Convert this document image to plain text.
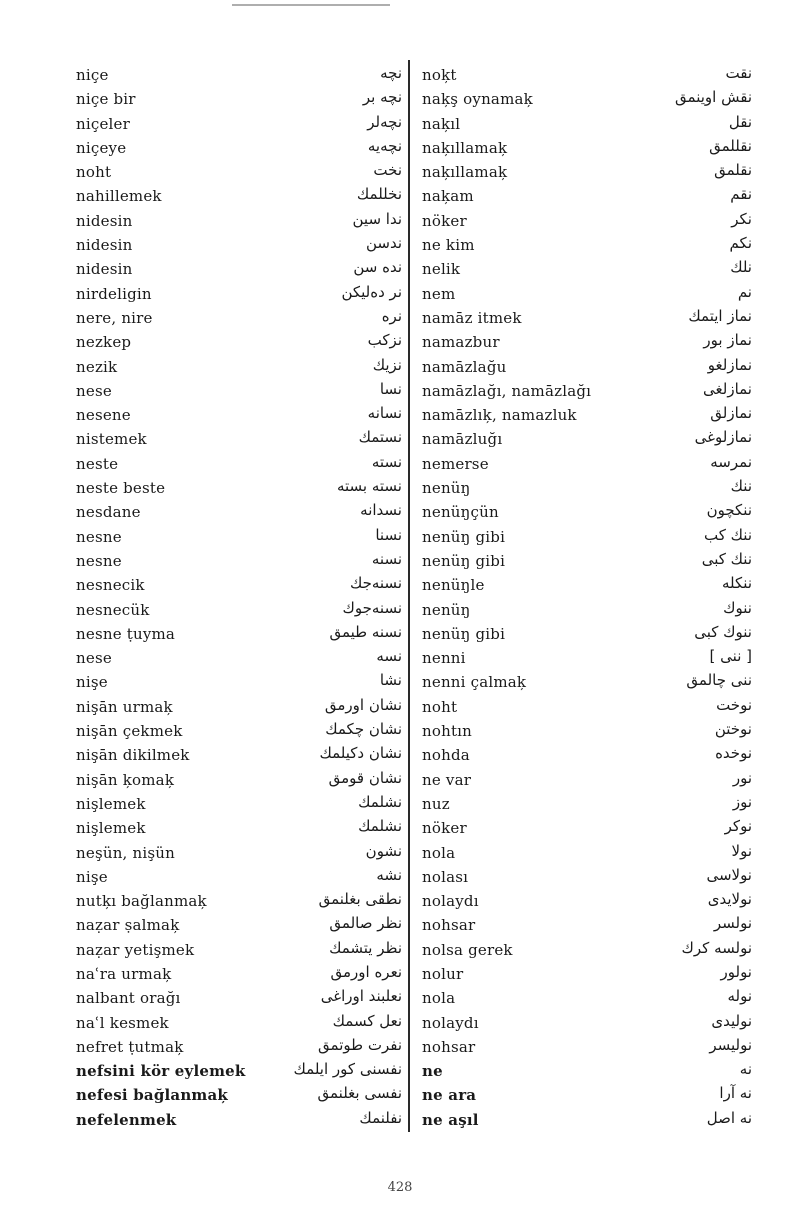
niçe	نچه
niçe bir	نچه بر
niçeler	نچەلر
niçeye	نچەیه
noht	نخت
nahillemek	نخللمك
nidesin	ندا سين
nidesin	ندسن
nidesin	نده سن
nirdeligin	نر دەليكن
nere, nire	نره
nezkep	نزكب
nezik	نزيك
nese	نسا
nesene	نسانه
nistemek	نستمك
neste	نسته
neste beste	نسته بسته
nesdane	نسدانه
nesne	نسنا
nesne	نسنه
nesnecik	نسنەجك
nesnecük	نسنەجوك
nesne ṭuyma	نسنه طيمق
nese	نسه
nişe	نشا
nişān urmaķ	نشان اورمق
nişān çekmek	نشان چكمك
nişān dikilmek	نشان دكيلمك
nişān ķomaķ	نشان قومق
nişlemek	نشلمك
nişlemek	نشلمك
neşün, nişün	نشون
nişe	نشه
nutķı bağlanmaķ	نطقى بغلنمق
naẓar ṣalmaķ	نظر صالمق
naẓar yetişmek	نظر يتشمك
naʿra urmaķ	نعره اورمق
nalbant orağı	نعلبند اوراغى
naʿl kesmek	نعل كسمك
nefret ṭutmaķ	نفرت طوتمق
nefsini kör eylemek	نفسنى كور ايلمك
nefesi bağlanmaķ	نفسى بغلنمق
nefelenmek	نفلنمك
noķt	نقت
naķş oynamaķ	نقش اوينمق
naķıl	نقل
naķıllamaķ	نقللمق
naķıllamaķ	نقلمق
naķam	نقم
nöker	نكر
ne kim	نكم
nelik	نلك
nem	نم
namāz itmek	نماز ايتمك
namazbur	نماز بور
namāzlağu	نمازلغو
namāzlağı, namāzlağı	نمازلغى
namāzlıķ, namazluk	نمازلق
namāzluğı	نمازلوغى
nemerse	نمرسه
nenüŋ	ننك
nenüŋçün	ننكچون
nenüŋ gibi	ننك كب
nenüŋ gibi	ننك كبى
nenüŋle	ننكله
nenüŋ	ننوك
nenüŋ gibi	ننوك كبى
nenni	[ ننى ]
nenni çalmaķ	ننى چالمق
noht	نوخت
nohtın	نوختن
nohda	نوخده
ne var	نور
nuz	نوز
nöker	نوكر
nola	نولا
nolası	نولاسى
nolaydı	نولايدى
nohsar	نولسر
nolsa gerek	نولسه كرك
nolur	نولور
nola	نوله
nolaydı	نوليدى
nohsar	نوليسر
ne	نه
ne ara	نه آرا
ne aşıl	نه اصل
428
